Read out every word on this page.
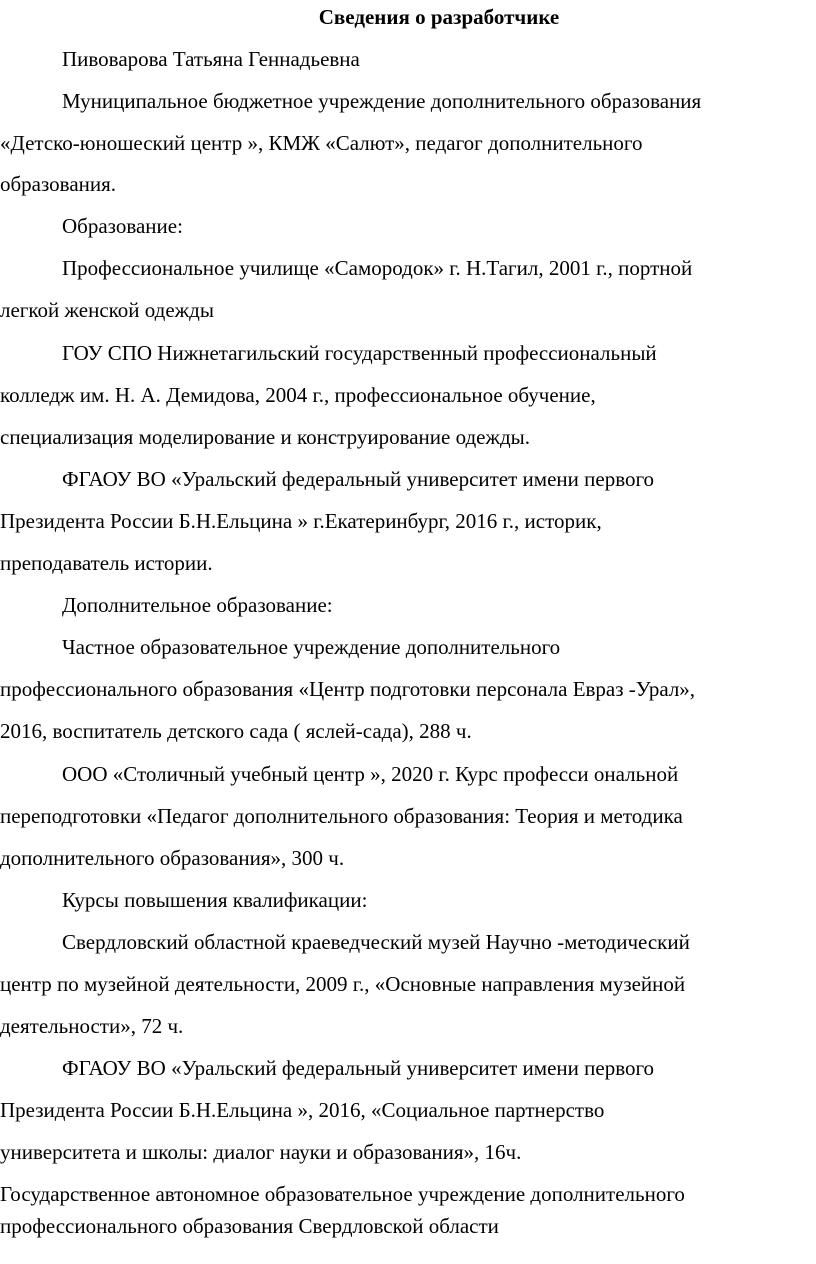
Сведения о разработчике
Пивоварова Татьяна Геннадьевна
Муниципальное бюджетное учреждение дополнительного образования
«Детско-юношеский центр », КМЖ «Салют», педагог дополнительного
образования.
Образование:
Профессиональное училище «Самородок» г. Н.Тагил, 2001 г., портной
легкой женской одежды
ГОУ СПО Нижнетагильский государственный профессиональный
колледж им. Н. А. Демидова, 2004 г., профессиональное обучение,
специализация моделирование и конструирование одежды.
ФГАОУ ВО «Уральский федеральный университет имени первого
Президента России Б.Н.Ельцина » г.Екатеринбург, 2016 г., историк,
преподаватель истории.
Дополнительное образование:
Частное образовательное учреждение дополнительного
профессионального образования «Центр подготовки персонала Евраз -Урал»,
2016, воспитатель детского сада ( яслей-сада), 288 ч.
ООО «Столичный учебный центр », 2020 г. Курс професси ональной
переподготовки «Педагог дополнительного образования: Теория и методика
дополнительного образования», 300 ч.
Курсы повышения квалификации:
Свердловский областной краеведческий музей Научно -методический
центр по музейной деятельности, 2009 г., «Основные направления музейной
деятельности», 72 ч.
ФГАОУ ВО «Уральский федеральный университет имени первого
Президента России Б.Н.Ельцина », 2016, «Социальное партнерство
университета и школы: диалог науки и образования», 16ч.
Государственное автономное образовательное учреждение дополнительного
профессионального образования Свердловской области
